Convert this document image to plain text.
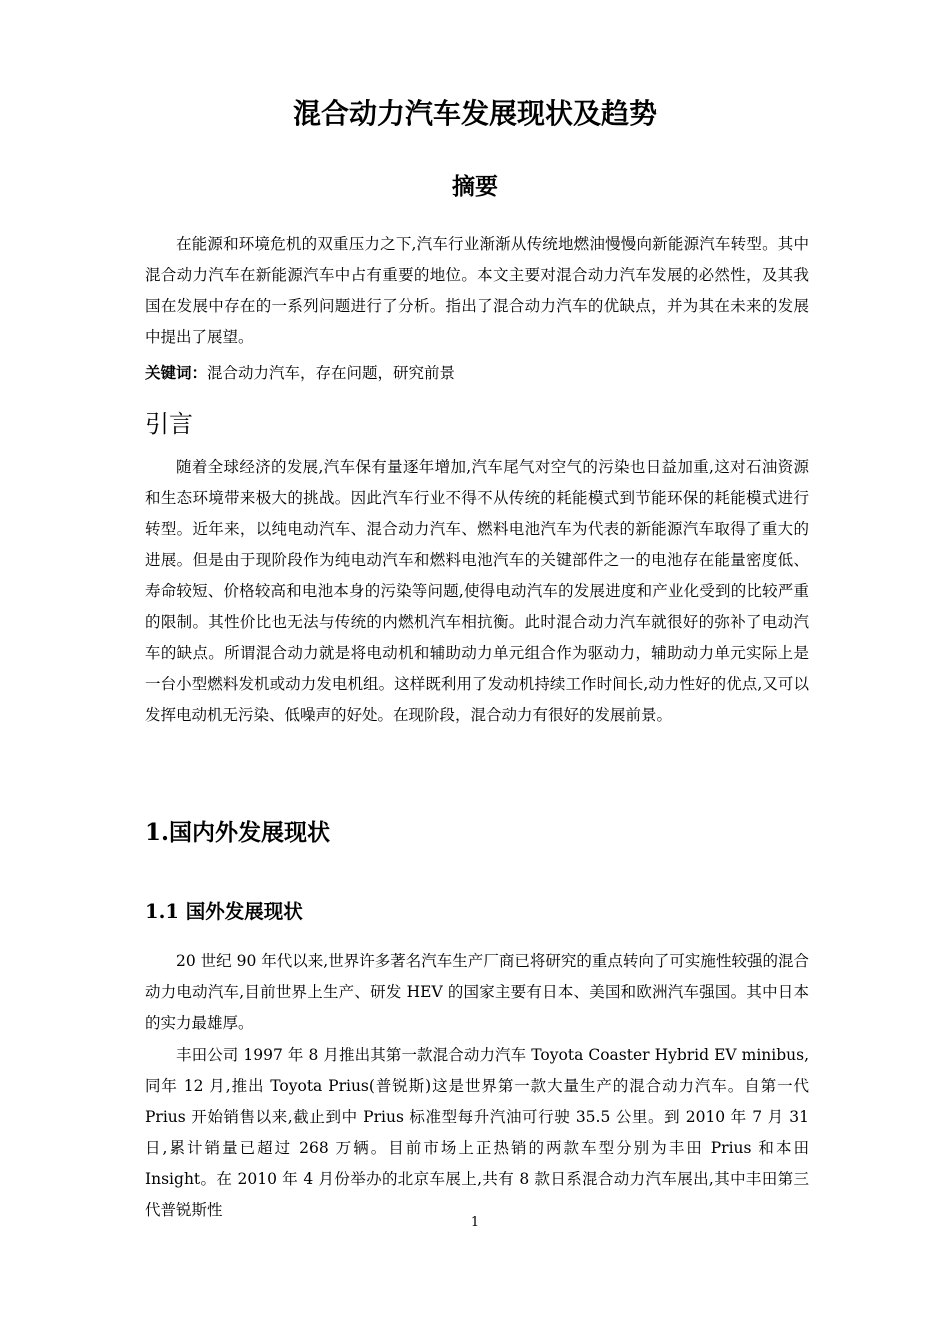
混合动力汽车发展现状及趋势
摘要

在能源和环境危机的双重压力之下,汽车行业渐渐从传统地燃油慢慢向新能源汽车转型。其中混合动力汽车在新能源汽车中占有重要的地位。本文主要对混合动力汽车发展的必然性，及其我国在发展中存在的一系列问题进行了分析。指出了混合动力汽车的优缺点，并为其在未来的发展中提出了展望。

关键词：混合动力汽车，存在问题，研究前景
引言

随着全球经济的发展,汽车保有量逐年增加,汽车尾气对空气的污染也日益加重,这对石油资源和生态环境带来极大的挑战。因此汽车行业不得不从传统的耗能模式到节能环保的耗能模式进行转型。近年来，以纯电动汽车、混合动力汽车、燃料电池汽车为代表的新能源汽车取得了重大的进展。但是由于现阶段作为纯电动汽车和燃料电池汽车的关键部件之一的电池存在能量密度低、寿命较短、价格较高和电池本身的污染等问题,使得电动汽车的发展进度和产业化受到的比较严重的限制。其性价比也无法与传统的内燃机汽车相抗衡。此时混合动力汽车就很好的弥补了电动汽车的缺点。所谓混合动力就是将电动机和辅助动力单元组合作为驱动力，辅助动力单元实际上是一台小型燃料发机或动力发电机组。这样既利用了发动机持续工作时间长,动力性好的优点,又可以发挥电动机无污染、低噪声的好处。在现阶段，混合动力有很好的发展前景。

1.国内外发展现状
1.1 国外发展现状

20 世纪 90 年代以来,世界许多著名汽车生产厂商已将研究的重点转向了可实施性较强的混合动力电动汽车,目前世界上生产、研发 HEV 的国家主要有日本、美国和欧洲汽车强国。其中日本的实力最雄厚。

丰田公司 1997 年 8 月推出其第一款混合动力汽车 Toyota Coaster Hybrid EV minibus, 同年 12 月,推出 Toyota Prius(普锐斯)这是世界第一款大量生产的混合动力汽车。自第一代 Prius 开始销售以来,截止到中 Prius 标准型每升汽油可行驶 35.5 公里。到 2010 年 7 月 31 日,累计销量已超过 268 万辆。目前市场上正热销的两款车型分别为丰田 Prius 和本田 Insight。在 2010 年 4 月份举办的北京车展上,共有 8 款日系混合动力汽车展出,其中丰田第三代普锐斯性

1
